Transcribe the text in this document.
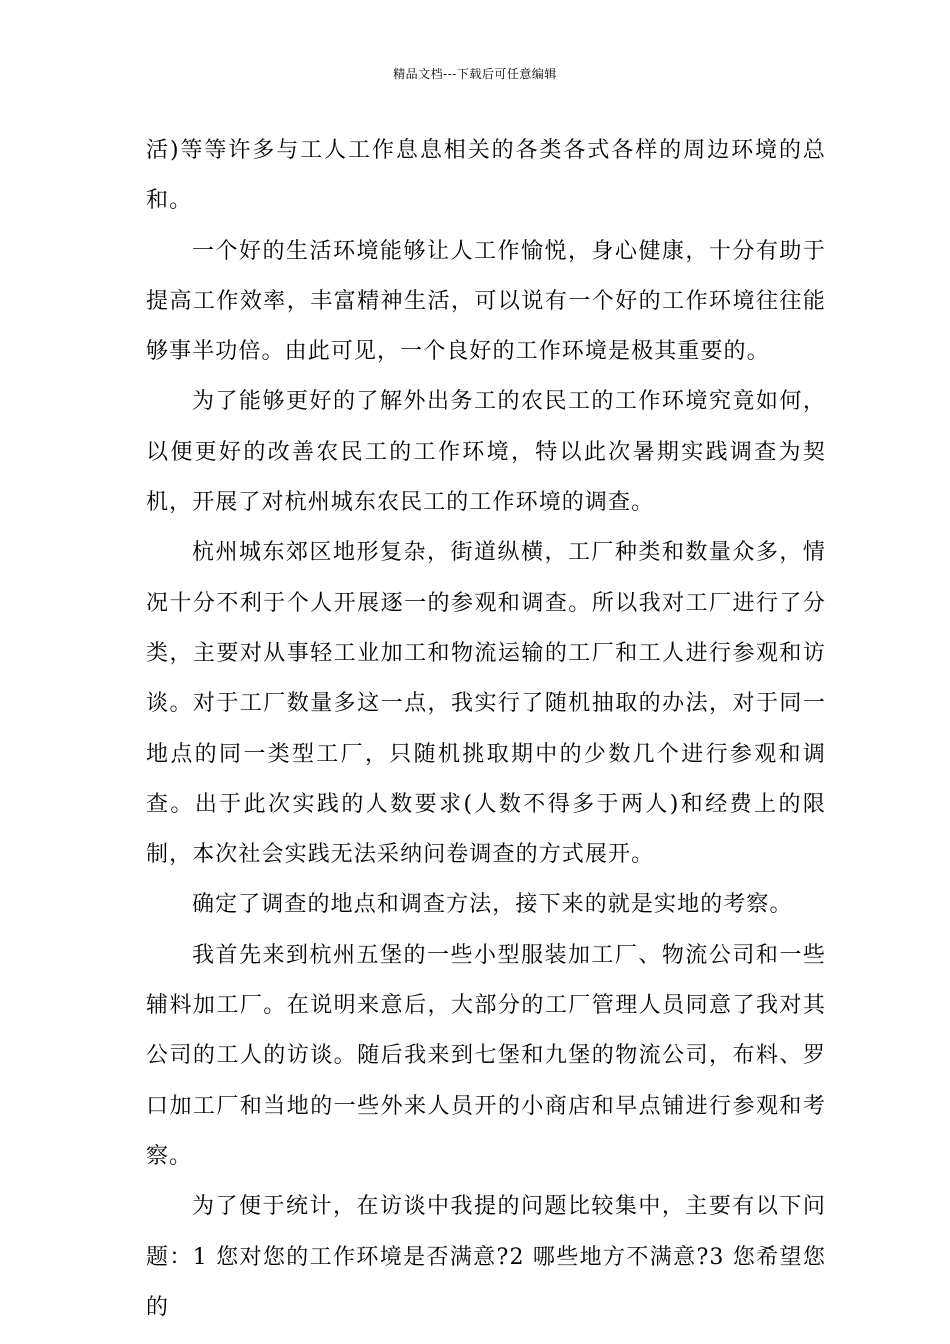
精品文档---下载后可任意编辑

活)等等许多与工人工作息息相关的各类各式各样的周边环境的总和。

一个好的生活环境能够让人工作愉悦，身心健康，十分有助于提高工作效率，丰富精神生活，可以说有一个好的工作环境往往能够事半功倍。由此可见，一个良好的工作环境是极其重要的。

为了能够更好的了解外出务工的农民工的工作环境究竟如何，以便更好的改善农民工的工作环境，特以此次暑期实践调查为契机，开展了对杭州城东农民工的工作环境的调查。

杭州城东郊区地形复杂，街道纵横，工厂种类和数量众多，情况十分不利于个人开展逐一的参观和调查。所以我对工厂进行了分类，主要对从事轻工业加工和物流运输的工厂和工人进行参观和访谈。对于工厂数量多这一点，我实行了随机抽取的办法，对于同一地点的同一类型工厂，只随机挑取期中的少数几个进行参观和调查。出于此次实践的人数要求(人数不得多于两人)和经费上的限制，本次社会实践无法采纳问卷调查的方式展开。

确定了调查的地点和调查方法，接下来的就是实地的考察。

我首先来到杭州五堡的一些小型服装加工厂、物流公司和一些辅料加工厂。在说明来意后，大部分的工厂管理人员同意了我对其公司的工人的访谈。随后我来到七堡和九堡的物流公司，布料、罗口加工厂和当地的一些外来人员开的小商店和早点铺进行参观和考察。

为了便于统计，在访谈中我提的问题比较集中，主要有以下问题：1 您对您的工作环境是否满意?2 哪些地方不满意?3 您希望您的
